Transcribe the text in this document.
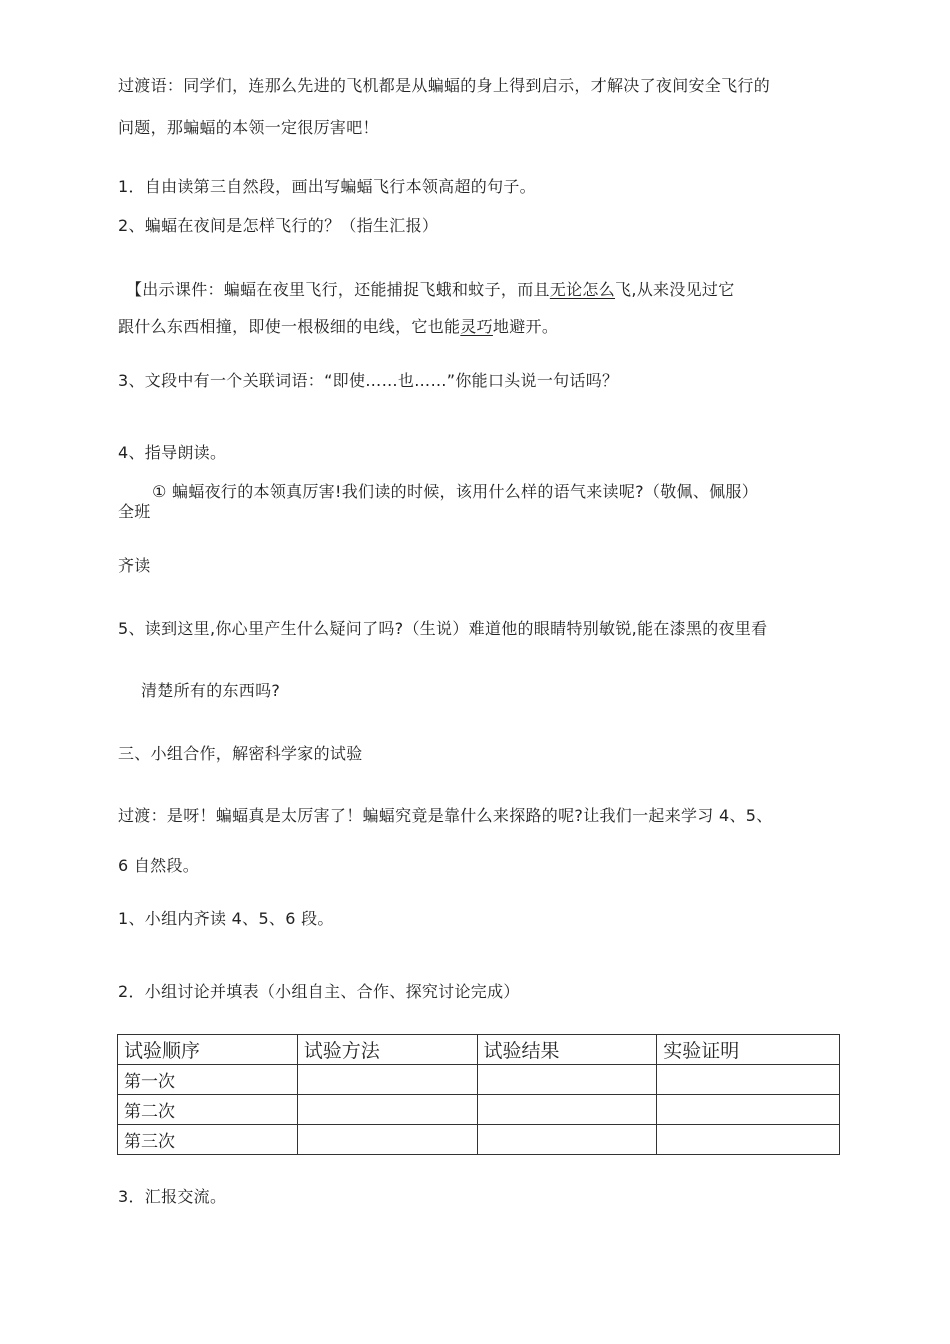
过渡语：同学们，连那么先进的飞机都是从蝙蝠的身上得到启示，才解决了夜间安全飞行的
问题，那蝙蝠的本领一定很厉害吧！
1．自由读第三自然段，画出写蝙蝠飞行本领高超的句子。
2、蝙蝠在夜间是怎样飞行的？（指生汇报）
【出示课件：蝙蝠在夜里飞行，还能捕捉飞蛾和蚊子，而且无论怎么飞,从来没见过它
跟什么东西相撞，即使一根极细的电线，它也能灵巧地避开。
3、文段中有一个关联词语：“即使……也……”你能口头说一句话吗？
4、指导朗读。
① 蝙蝠夜行的本领真厉害!我们读的时候，该用什么样的语气来读呢?（敬佩、佩服）
全班
齐读
5、读到这里,你心里产生什么疑问了吗?（生说）难道他的眼睛特别敏锐,能在漆黑的夜里看
清楚所有的东西吗?
三、小组合作，解密科学家的试验
过渡：是呀！蝙蝠真是太厉害了！蝙蝠究竟是靠什么来探路的呢?让我们一起来学习 4、5、
6 自然段。
1、小组内齐读 4、5、6 段。
2．小组讨论并填表（小组自主、合作、探究讨论完成）
试验顺序	试验方法	试验结果	实验证明
第一次			
第二次			
第三次			
3．汇报交流。
